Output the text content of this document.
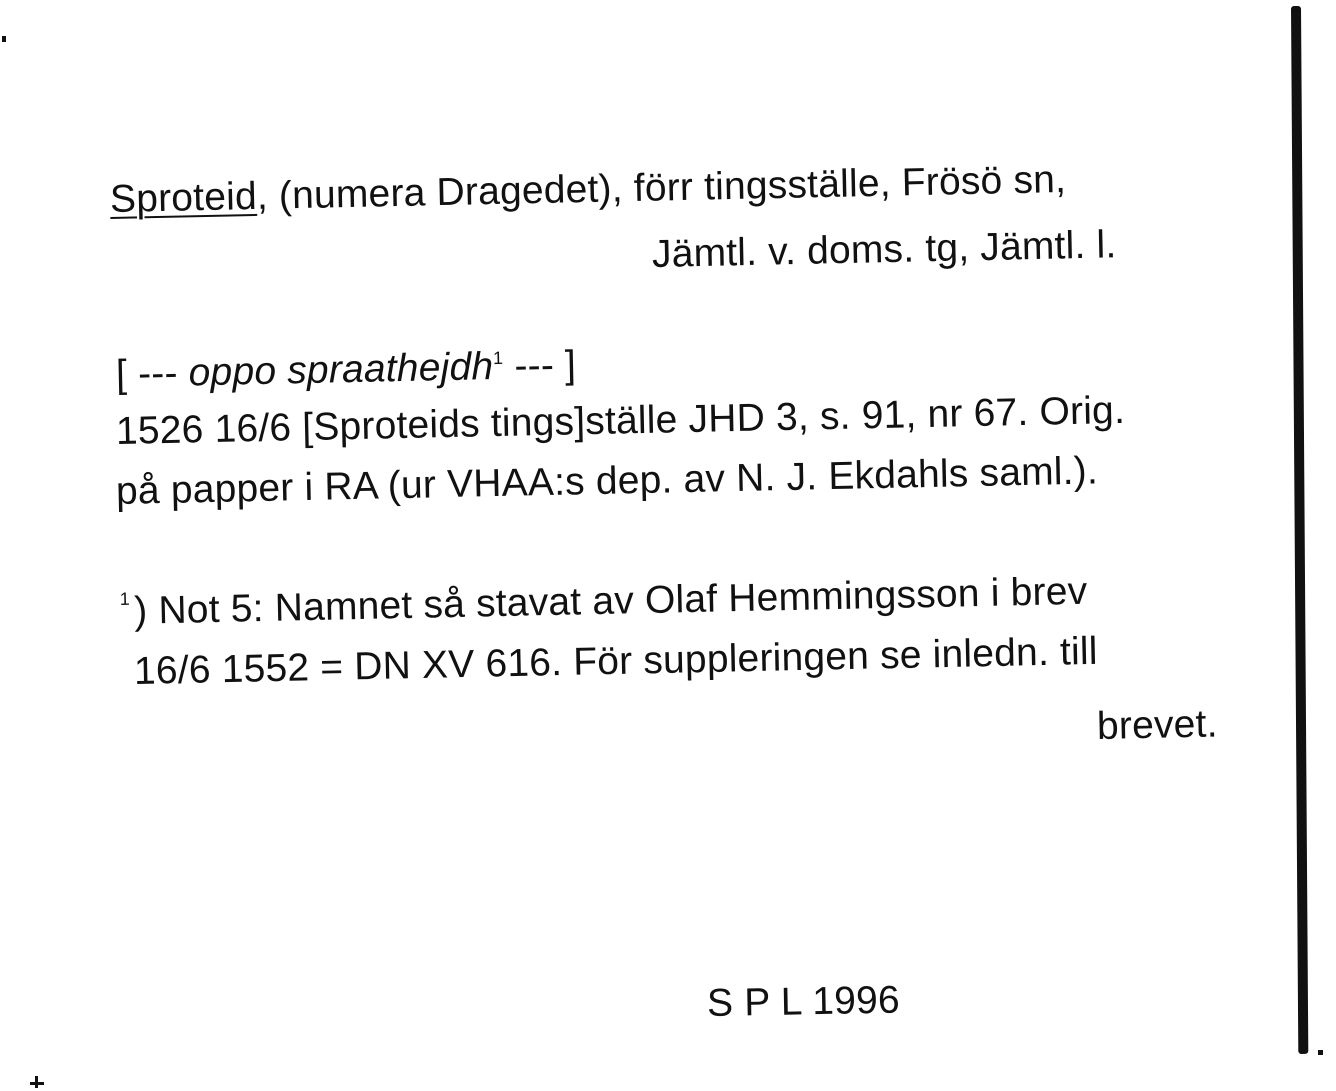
Sproteid, (numera Dragedet), förr tingsställe, Frösö sn,
Jämtl. v. doms. tg, Jämtl. l.
[ --- oppo spraathejdh$^1$ --- ]
1526 16/6 [Sproteids tings]ställe JHD 3, s. 91, nr 67. Orig.
på papper i RA (ur VHAA:s dep. av N. J. Ekdahls saml.).
$^1$) Not 5: Namnet så stavat av Olaf Hemmingsson i brev
16/6 1552 = DN XV 616. För suppleringen se inledn. till
brevet.
S P L 1996
